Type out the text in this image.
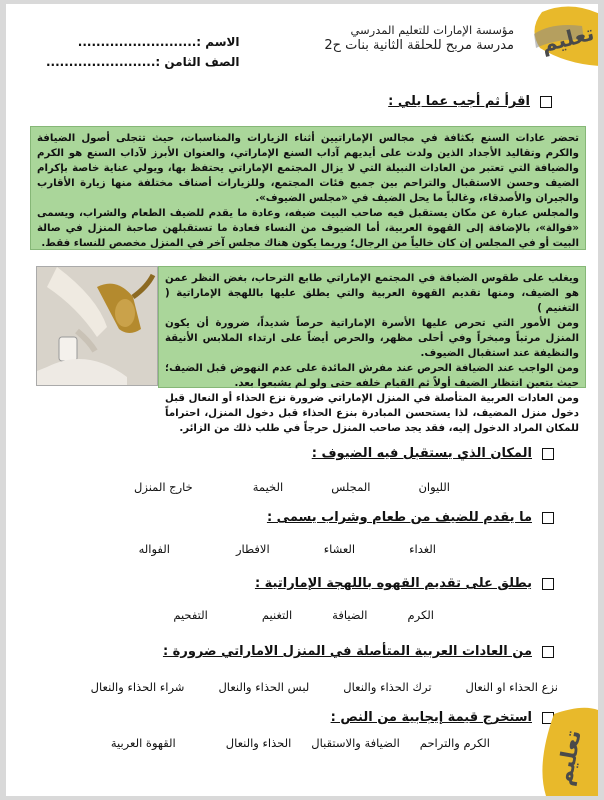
تعليم
مؤسسة الإمارات للتعليم المدرسي
مدرسة مربح للحلقة الثانية بنات ح2
الاسم :..........................
الصف الثامن :........................
اقرأ ثم أجب عما يلي :

تحضر عادات السنع بكثافة في مجالس الإماراتيين أثناء الزيارات والمناسبات، حيث تتجلى أصول الضيافة والكرم وتقاليد الأجداد الذين ولدت على أيديهم آداب السنع الإماراتي، والعنوان الأبرز لآداب السنع هو الكرم والضيافة التي تعتبر من العادات النبيلة التي لا يزال المجتمع الإماراتي يحتفظ بها، ويولي عناية خاصة بإكرام الضيف وحسن الاستقبال والتراحم بين جميع فئات المجتمع، وللزيارات أصناف مختلفة منها زيارة الأقارب والجيران والأصدقاء، وغالباً ما يحل الضيف في «مجلس الضيوف».

والمجلس عبارة عن مكان يستقبل فيه صاحب البيت ضيفه، وعادة ما يقدم للضيف الطعام والشراب، ويسمى «فوالة»، بالإضافة إلى القهوة العربية، أما الضيوف من النساء فعادة ما تستقبلهن صاحبة المنزل في صالة البيت أو في المجلس إن كان خالياً من الرجال؛ وربما يكون هناك مجلس آخر في المنزل مخصص للنساء فقط.

ويغلب على طقوس الضيافة في المجتمع الإماراتي طابع الترحاب، بغض النظر عمن هو الضيف، ومنها تقديم القهوة العربية والتي يطلق عليها باللهجة الإماراتية ( التغنيم )

ومن الأمور التي تحرص عليها الأسرة الإماراتية حرصاً شديداً، ضرورة أن يكون المنزل مرتباً ومبخراً وفي أحلى مظهر، والحرص أيضاً على ارتداء الملابس الأنيقة والنظيفة عند استقبال الضيوف.

ومن الواجب عند الضيافة الحرص عند مفرش المائدة على عدم النهوض قبل الضيف؛ حيث يتعين انتظار الضيف أولاً ثم القيام خلفه حتى ولو لم يشبعوا بعد.

ومن العادات العربية المتأصلة في المنزل الإماراتي ضرورة نزع الحذاء أو النعال قبل دخول منزل المضيف، لذا يستحسن المبادرة بنزع الحذاء قبل دخول المنزل، احتراماً للمكان المراد الدخول إليه، فقد يجد صاحب المنزل حرجاً في طلب ذلك من الزائر.

المكان الذي يستقبل فيه الضيوف :
الليوان
المجلس
الخيمة
خارج المنزل
ما يقدم للضيف من طعام وشراب يسمى :
الغداء
العشاء
الافطار
الفواله
يطلق على تقديم القهوه باللهجة الإماراتية :
الكرم
الضيافة
التغنيم
التفحيم
من العادات العربية المتأصلة في المنزل الاماراتي ضرورة :
نزع الحذاء او النعال
ترك الحذاء والنعال
لبس الحذاء والنعال
شراء الحذاء والنعال
استخرج قيمة إيجابية من النص :
الكرم والتراحم
الضيافة والاستقبال
الحذاء والنعال
القهوة العربية	تعليم
